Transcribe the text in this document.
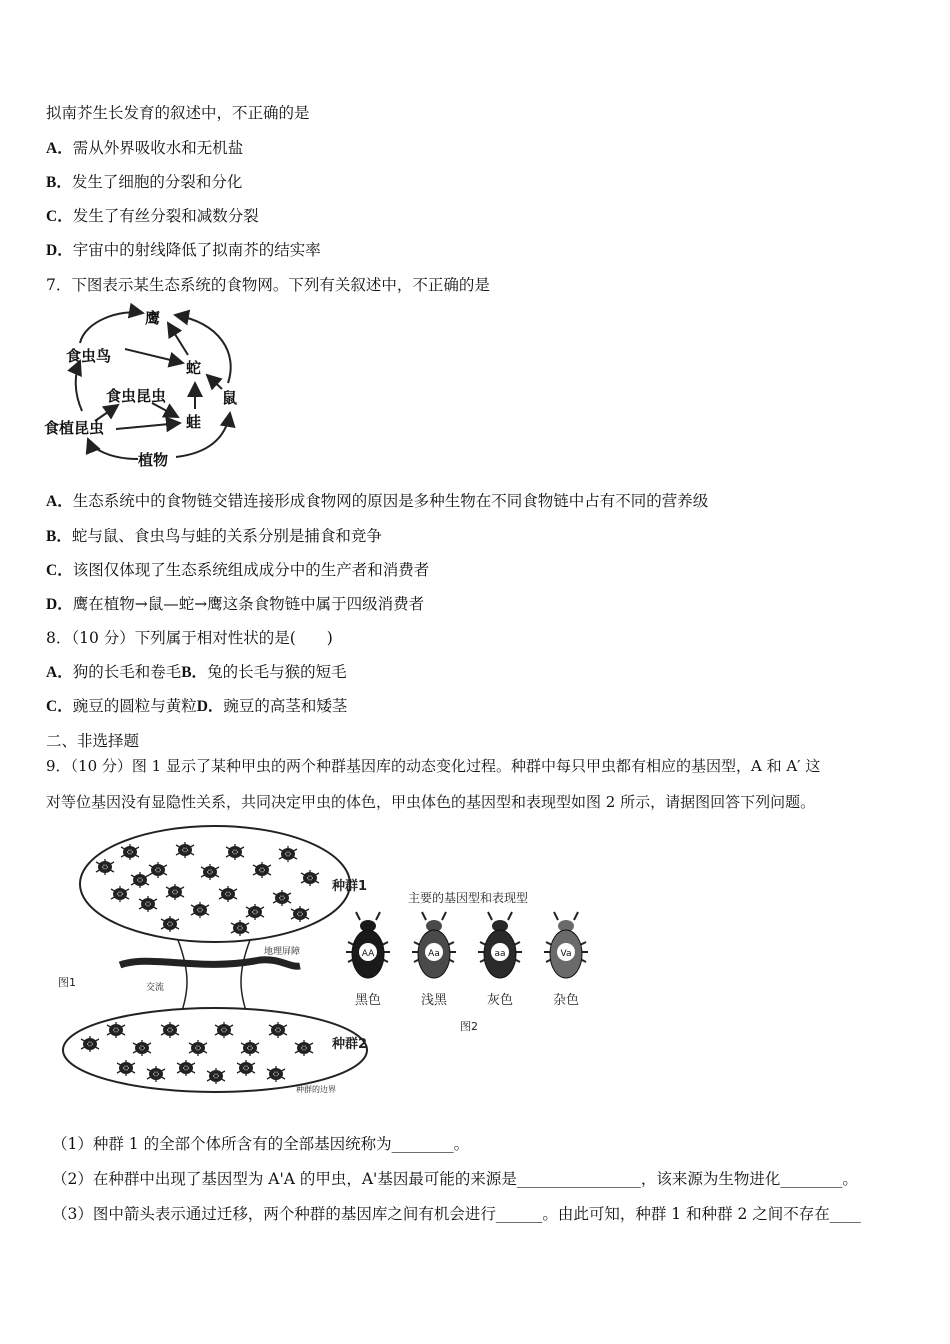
拟南芥生长发育的叙述中，不正确的是
A．需从外界吸收水和无机盐
B．发生了细胞的分裂和分化
C．发生了有丝分裂和减数分裂
D．宇宙中的射线降低了拟南芥的结实率
7．下图表示某生态系统的食物网。下列有关叙述中，不正确的是
鹰
食虫鸟
蛇
食虫昆虫	鼠
蛙
食植昆虫
植物
A．生态系统中的食物链交错连接形成食物网的原因是多种生物在不同食物链中占有不同的营养级
B．蛇与鼠、食虫鸟与蛙的关系分别是捕食和竞争
C．该图仅体现了生态系统组成成分中的生产者和消费者
D．鹰在植物→鼠—蛇→鹰这条食物链中属于四级消费者
8．（10 分）下列属于相对性状的是(　　)
A．狗的长毛和卷毛B．兔的长毛与猴的短毛
C．豌豆的圆粒与黄粒D．豌豆的高茎和矮茎
二、非选择题
9．（10 分）图 1 显示了某种甲虫的两个种群基因库的动态变化过程。种群中每只甲虫都有相应的基因型，A 和 A′ 这
对等位基因没有显隐性关系，共同决定甲虫的体色，甲虫体色的基因型和表现型如图 2 所示，请据图回答下列问题。
地理屏障
交流
图1
种群1
种群2
种群的边界
主要的基因型和表现型
AA
黑色
Aa
浅黑
aa
灰色
Va
杂色
图2
（1）种群 1 的全部个体所含有的全部基因统称为________。
（2）在种群中出现了基因型为 A'A 的甲虫，A'基因最可能的来源是________________，该来源为生物进化________。
（3）图中箭头表示通过迁移，两个种群的基因库之间有机会进行______。由此可知，种群 1 和种群 2 之间不存在____
